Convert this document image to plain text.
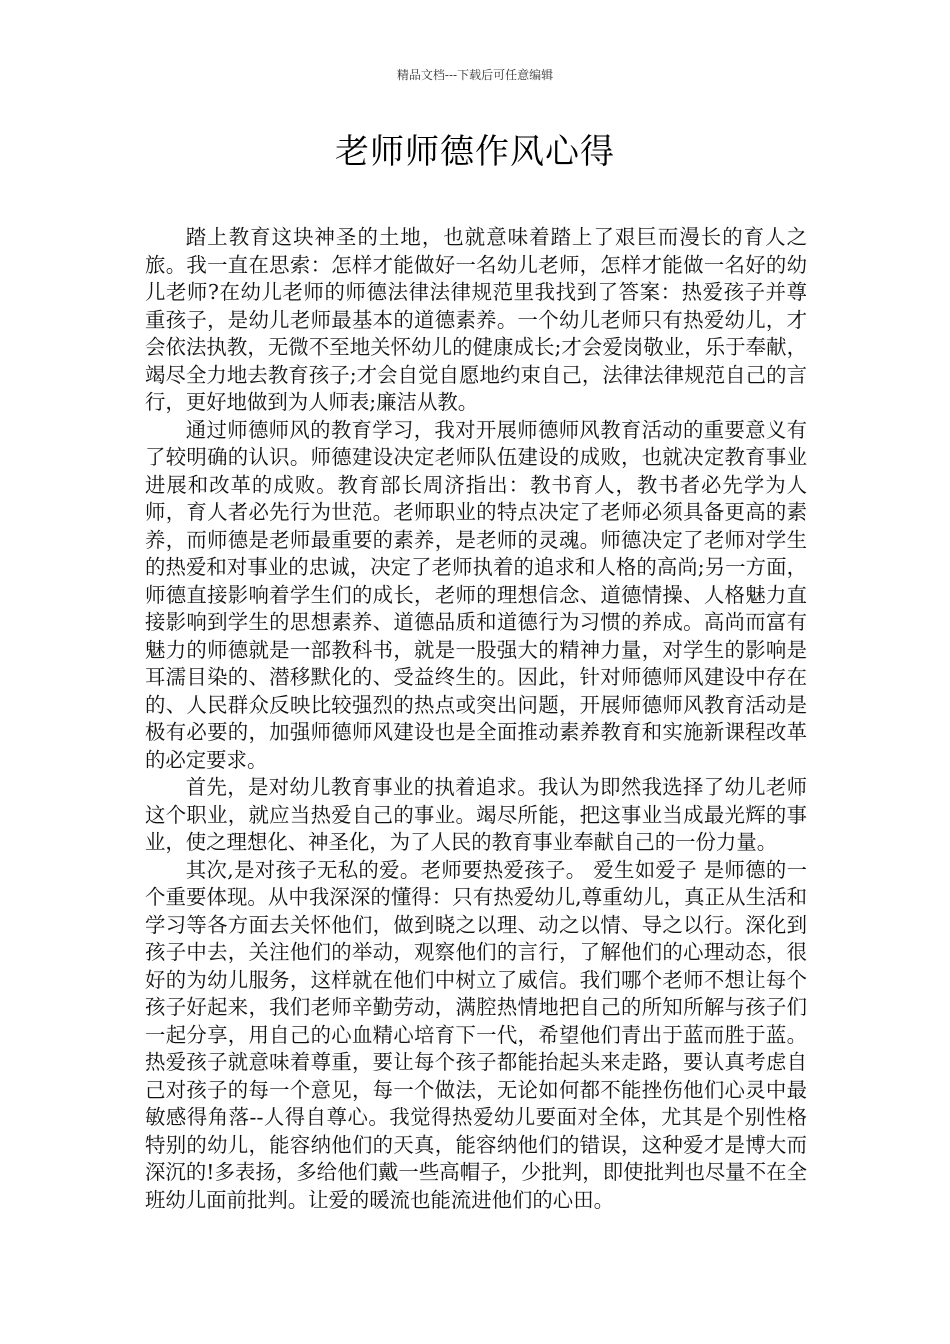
精品文档---下载后可任意编辑
老师师德作风心得

踏上教育这块神圣的土地，也就意味着踏上了艰巨而漫长的育人之旅。我一直在思索：怎样才能做好一名幼儿老师，怎样才能做一名好的幼儿老师?在幼儿老师的师德法律法律规范里我找到了答案：热爱孩子并尊重孩子，是幼儿老师最基本的道德素养。一个幼儿老师只有热爱幼儿，才会依法执教，无微不至地关怀幼儿的健康成长;才会爱岗敬业，乐于奉献，竭尽全力地去教育孩子;才会自觉自愿地约束自己，法律法律规范自己的言行，更好地做到为人师表;廉洁从教。

通过师德师风的教育学习，我对开展师德师风教育活动的重要意义有了较明确的认识。师德建设决定老师队伍建设的成败，也就决定教育事业进展和改革的成败。教育部长周济指出：教书育人，教书者必先学为人师，育人者必先行为世范。老师职业的特点决定了老师必须具备更高的素养，而师德是老师最重要的素养，是老师的灵魂。师德决定了老师对学生的热爱和对事业的忠诚，决定了老师执着的追求和人格的高尚;另一方面，师德直接影响着学生们的成长，老师的理想信念、道德情操、人格魅力直接影响到学生的思想素养、道德品质和道德行为习惯的养成。高尚而富有魅力的师德就是一部教科书，就是一股强大的精神力量，对学生的影响是耳濡目染的、潜移默化的、受益终生的。因此，针对师德师风建设中存在的、人民群众反映比较强烈的热点或突出问题，开展师德师风教育活动是极有必要的，加强师德师风建设也是全面推动素养教育和实施新课程改革的必定要求。

首先，是对幼儿教育事业的执着追求。我认为即然我选择了幼儿老师这个职业，就应当热爱自己的事业。竭尽所能，把这事业当成最光辉的事业，使之理想化、神圣化，为了人民的教育事业奉献自己的一份力量。

其次,是对孩子无私的爱。老师要热爱孩子。 爱生如爱子 是师德的一个重要体现。从中我深深的懂得：只有热爱幼儿,尊重幼儿，真正从生活和学习等各方面去关怀他们，做到晓之以理、动之以情、导之以行。深化到孩子中去，关注他们的举动，观察他们的言行，了解他们的心理动态，很好的为幼儿服务，这样就在他们中树立了威信。我们哪个老师不想让每个孩子好起来，我们老师辛勤劳动，满腔热情地把自己的所知所解与孩子们一起分享，用自己的心血精心培育下一代，希望他们青出于蓝而胜于蓝。热爱孩子就意味着尊重，要让每个孩子都能抬起头来走路，要认真考虑自己对孩子的每一个意见，每一个做法，无论如何都不能挫伤他们心灵中最敏感得角落--人得自尊心。我觉得热爱幼儿要面对全体，尤其是个别性格特别的幼儿，能容纳他们的天真，能容纳他们的错误，这种爱才是博大而深沉的!多表扬，多给他们戴一些高帽子，少批判，即使批判也尽量不在全班幼儿面前批判。让爱的暖流也能流进他们的心田。
